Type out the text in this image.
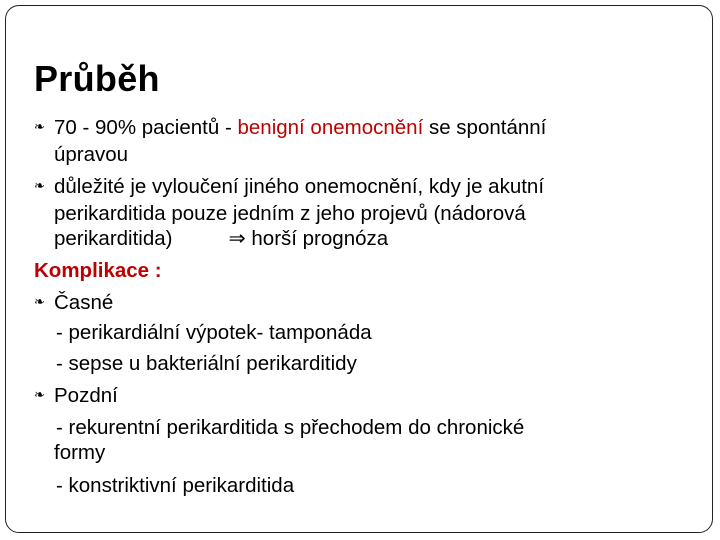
Průběh
❧ 70 - 90% pacientů - benigní onemocnění se spontánní
úpravou
❧ důležité je vyloučení jiného onemocnění, kdy je akutní
perikarditida pouze jedním z jeho projevů (nádorová
perikarditida)	⇒ horší prognóza
Komplikace :
❧ Časné
- perikardiální výpotek- tamponáda
- sepse u bakteriální perikarditidy
❧ Pozdní
- rekurentní perikarditida s přechodem do chronické
formy
- konstriktivní perikarditida
